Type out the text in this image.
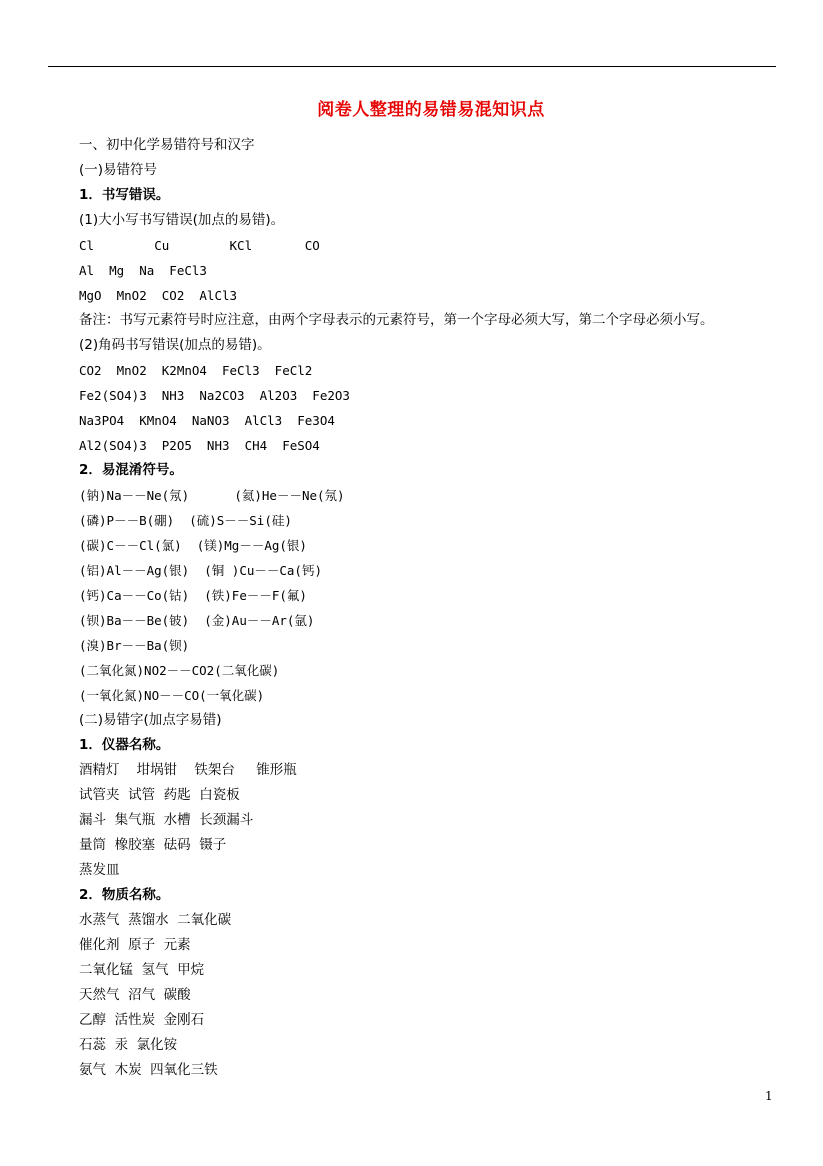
阅卷人整理的易错易混知识点
一、初中化学易错符号和汉字
(一)易错符号
1．书写错误。
(1)大小写书写错误(加点的易错)。
Cl        Cu        KCl       CO
Al  Mg  Na  FeCl3
MgO  MnO2  CO2  AlCl3
备注：书写元素符号时应注意，由两个字母表示的元素符号，第一个字母必须大写，第二个字母必须小写。
(2)角码书写错误(加点的易错)。
CO2  MnO2  K2MnO4  FeCl3  FeCl2
Fe2(SO4)3  NH3  Na2CO3  Al2O3  Fe2O3
Na3PO4  KMnO4  NaNO3  AlCl3  Fe3O4
Al2(SO4)3  P2O5  NH3  CH4  FeSO4
2．易混淆符号。
(钠)Na－－Ne(氖)      (氦)He－－Ne(氖)
(磷)P－－B(硼)  (硫)S－－Si(硅)
(碳)C－－Cl(氯)  (镁)Mg－－Ag(银)
(铝)Al－－Ag(银)  (铜 )Cu－－Ca(钙)
(钙)Ca－－Co(钴)  (铁)Fe－－F(氟)
(钡)Ba－－Be(铍)  (金)Au－－Ar(氩)
(溴)Br－－Ba(钡)
(二氧化氮)NO2－－CO2(二氧化碳)
(一氧化氮)NO－－CO(一氧化碳)
(二)易错字(加点字易错)
1．仪器名称。
酒精灯    坩埚钳    铁架台     锥形瓶
试管夹  试管  药匙  白瓷板
漏斗  集气瓶  水槽  长颈漏斗
量筒  橡胶塞  砝码  镊子
蒸发皿
2．物质名称。
水蒸气  蒸馏水  二氧化碳
催化剂  原子  元素
二氧化锰  氢气  甲烷
天然气  沼气  碳酸
乙醇  活性炭  金刚石
石蕊  汞  氯化铵
氨气  木炭  四氧化三铁
1
